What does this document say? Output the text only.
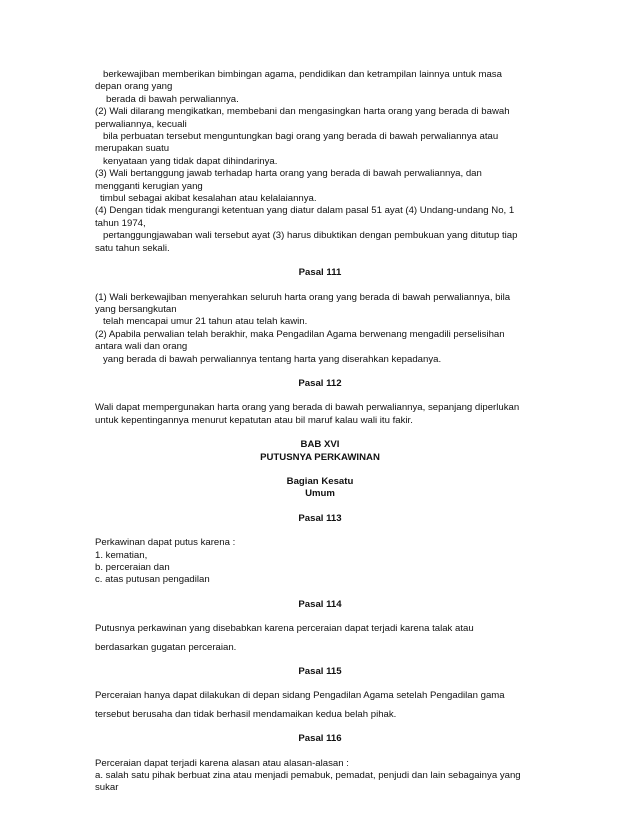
berkewajiban memberikan bimbingan agama, pendidikan dan ketrampilan lainnya untuk masa
depan orang yang
berada di bawah perwaliannya.
(2) Wali dilarang mengikatkan, membebani dan mengasingkan harta orang yang berada di bawah
perwaliannya, kecuali
bila perbuatan tersebut menguntungkan bagi orang yang berada di bawah perwaliannya atau
merupakan suatu
kenyataan yang tidak dapat dihindarinya.
(3) Wali bertanggung jawab terhadap harta orang yang berada di bawah perwaliannya, dan
mengganti kerugian yang
timbul sebagai akibat kesalahan atau kelalaiannya.
(4) Dengan tidak mengurangi ketentuan yang diatur dalam pasal 51 ayat (4) Undang-undang No, 1
tahun 1974,
pertanggungjawaban wali tersebut ayat (3) harus dibuktikan dengan pembukuan yang ditutup tiap
satu tahun sekali.
Pasal 111
(1) Wali berkewajiban menyerahkan seluruh harta orang yang berada di bawah perwaliannya, bila
yang bersangkutan
telah mencapai umur 21 tahun atau telah kawin.
(2) Apabila perwalian telah berakhir, maka Pengadilan Agama berwenang mengadili perselisihan
antara wali dan orang
yang berada di bawah perwaliannya tentang harta yang diserahkan kepadanya.
Pasal 112
Wali dapat mempergunakan harta orang yang berada di bawah perwaliannya, sepanjang diperlukan
untuk kepentingannya menurut kepatutan atau bil maruf kalau wali itu fakir.
BAB XVI
PUTUSNYA PERKAWINAN
Bagian Kesatu
Umum
Pasal 113
Perkawinan dapat putus karena :
1. kematian,
b. perceraian dan
c. atas putusan pengadilan
Pasal 114
Putusnya perkawinan yang disebabkan karena perceraian dapat terjadi karena talak atau
berdasarkan gugatan perceraian.
Pasal 115
Perceraian hanya dapat dilakukan di depan sidang Pengadilan Agama setelah Pengadilan gama
tersebut berusaha dan tidak berhasil mendamaikan kedua belah pihak.
Pasal 116
Perceraian dapat terjadi karena alasan atau alasan-alasan :
a. salah satu pihak berbuat zina atau menjadi pemabuk, pemadat, penjudi dan lain sebagainya yang
sukar
